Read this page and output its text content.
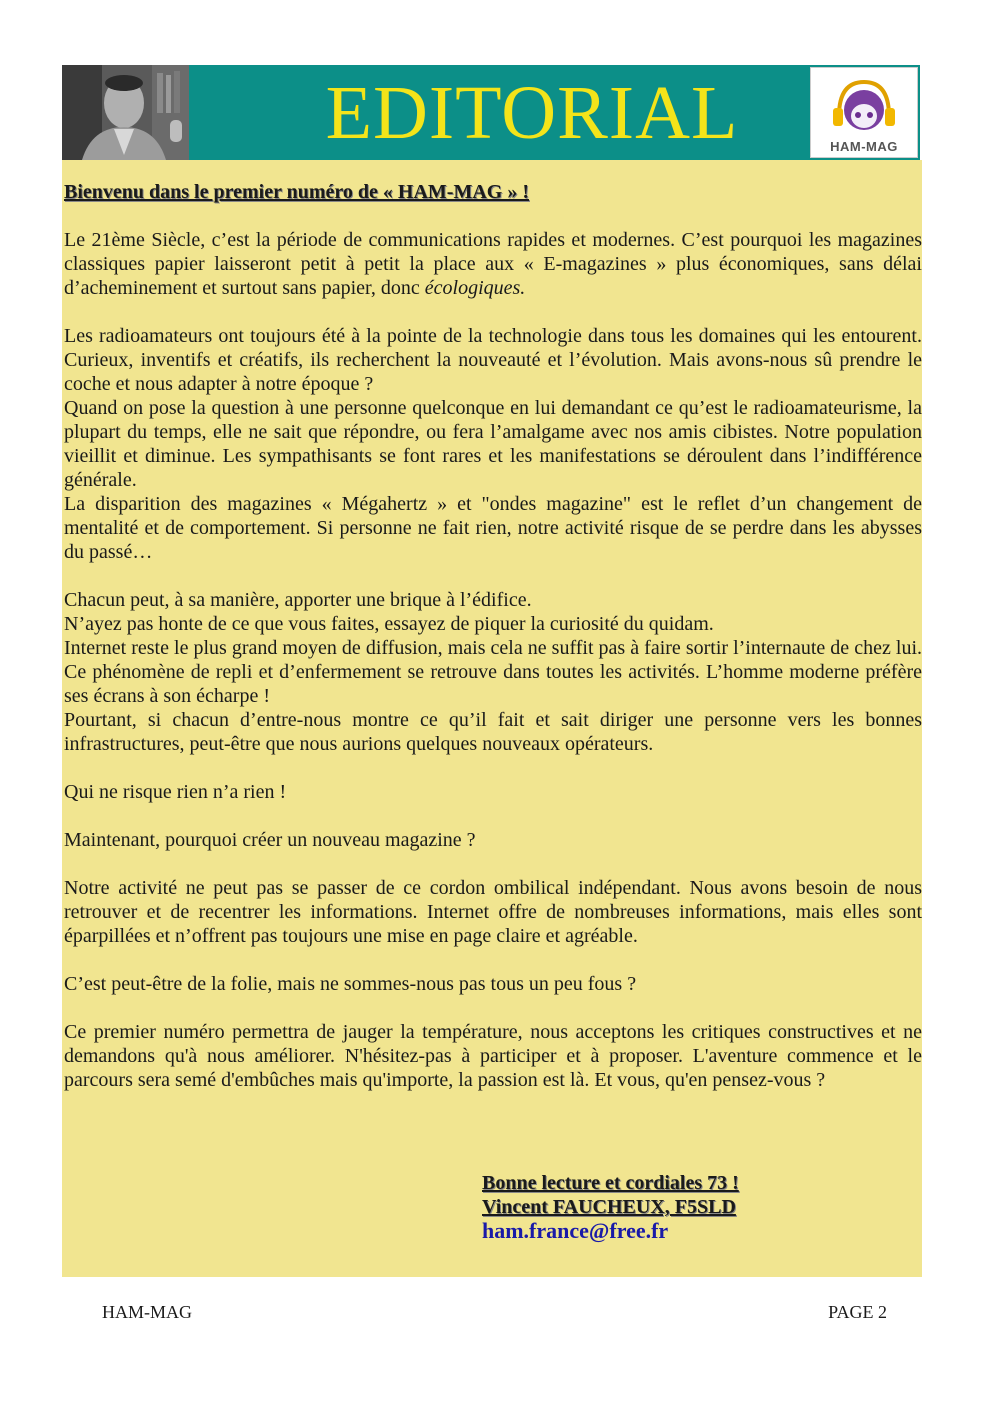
EDITORIAL	HAM-MAG

Bienvenu dans le premier numéro de « HAM-MAG » !

Le 21ème Siècle, c’est la période de communications rapides et modernes. C’est pourquoi les magazines classiques papier laisseront petit à petit la place aux « E-magazines » plus économiques, sans délai d’acheminement et surtout sans papier, donc écologiques.

Les radioamateurs ont toujours été à la pointe de la technologie dans tous les domaines qui les entourent. Curieux, inventifs et créatifs, ils recherchent la nouveauté et l’évolution. Mais avons-nous sû prendre le coche et nous adapter à notre époque ?

Quand on pose la question à une personne quelconque en lui demandant ce qu’est le radioamateurisme, la plupart du temps, elle ne sait que répondre, ou fera l’amalgame avec nos amis cibistes. Notre population vieillit et diminue. Les sympathisants se font rares et les manifestations se déroulent dans l’indifférence générale.

La disparition des magazines « Mégahertz » et "ondes magazine" est le reflet d’un changement de mentalité et de comportement. Si personne ne fait rien, notre activité risque de se perdre dans les abysses du passé…

Chacun peut, à sa manière, apporter une brique à l’édifice.

N’ayez pas honte de ce que vous faites, essayez de piquer la curiosité du quidam.

Internet reste le plus grand moyen de diffusion, mais cela ne suffit pas à faire sortir l’internaute de chez lui. Ce phénomène de repli et d’enfermement se retrouve dans toutes les activités. L’homme moderne préfère ses écrans à son écharpe !

Pourtant, si chacun d’entre-nous montre ce qu’il fait et sait diriger une personne vers les bonnes infrastructures, peut-être que nous aurions quelques nouveaux opérateurs.

Qui ne risque rien n’a rien !

Maintenant, pourquoi créer un nouveau magazine ?

Notre activité ne peut pas se passer de ce cordon ombilical indépendant. Nous avons besoin de nous retrouver et de recentrer les informations. Internet offre de nombreuses informations, mais elles sont éparpillées et n’offrent pas toujours une mise en page claire et agréable.

C’est peut-être de la folie, mais ne sommes-nous pas tous un peu fous ?

Ce premier numéro permettra de jauger la température, nous acceptons les critiques constructives et ne demandons qu'à nous améliorer. N'hésitez-pas à participer et à proposer. L'aventure commence et le parcours sera semé d'embûches mais qu'importe, la passion est là. Et vous, qu'en pensez-vous ?

Bonne lecture et cordiales 73 !
Vincent FAUCHEUX, F5SLD
ham.france@free.fr
HAM-MAG	PAGE 2
